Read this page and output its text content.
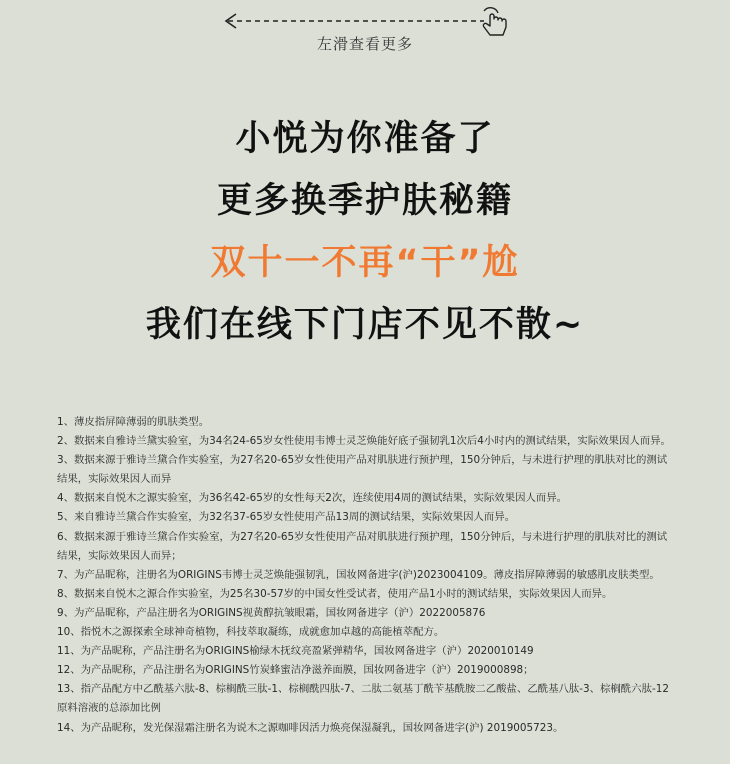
左滑查看更多
小悦为你准备了
更多换季护肤秘籍
双十一不再“干”尬
我们在线下门店不见不散~

1、薄皮指屏障薄弱的肌肤类型。

2、数据来自雅诗兰黛实验室，为34名24-65岁女性使用韦博士灵芝焕能好底子强韧乳1次后4小时内的测试结果，实际效果因人而异。

3、数据来源于雅诗兰黛合作实验室，为27名20-65岁女性使用产品对肌肤进行预护理，150分钟后，与未进行护理的肌肤对比的测试结果，实际效果因人而异

4、数据来自悦木之源实验室，为36名42-65岁的女性每天2次，连续使用4周的测试结果，实际效果因人而异。

5、来自雅诗兰黛合作实验室，为32名37-65岁女性使用产品13周的测试结果，实际效果因人而异。

6、数据来源于雅诗兰黛合作实验室，为27名20-65岁女性使用产品对肌肤进行预护理，150分钟后，与未进行护理的肌肤对比的测试结果，实际效果因人而异；

7、为产品昵称，注册名为ORIGINS韦博士灵芝焕能强韧乳，国妆网备进字(沪)2023004109。薄皮指屏障薄弱的敏感肌皮肤类型。

8、数据来自悦木之源合作实验室，为25名30-57岁的中国女性受试者，使用产品1小时的测试结果，实际效果因人而异。

9、为产品昵称，产品注册名为ORIGINS视黄醇抗皱眼霜，国妆网备进字（沪）2022005876

10、指悦木之源探索全球神奇植物，科技萃取凝练，成就愈加卓越的高能植萃配方。

11、为产品昵称，产品注册名为ORIGINS榆绿木抚纹亮盈紧弹精华，国妆网备进字（沪）2020010149

12、为产品昵称，产品注册名为ORIGINS竹炭蜂蜜洁净滋养面膜，国妆网备进字（沪）2019000898；

13、指产品配方中乙酰基六肽-8、棕榈酰三肽-1、棕榈酰四肽-7、二肽二氨基丁酰苄基酰胺二乙酸盐、乙酰基八肽-3、棕榈酰六肽-12原料溶液的总添加比例

14、为产品昵称，发光保湿霜注册名为说木之源咖啡因活力焕亮保湿凝乳，国妆网备进字(沪) 2019005723。
